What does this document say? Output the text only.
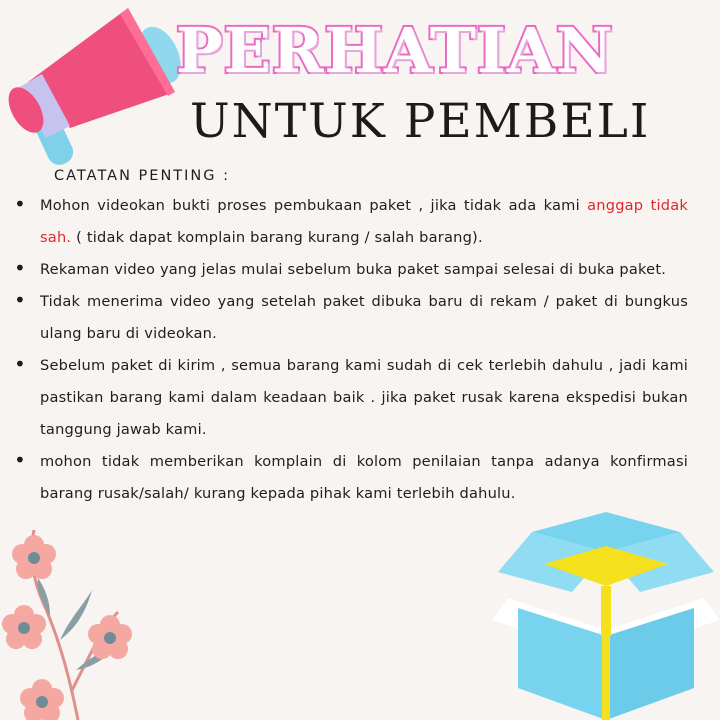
PERHATIAN
UNTUK PEMBELI
CATATAN PENTING :
• Mohon videokan bukti proses pembukaan paket , jika tidak ada kami anggap tidak sah. ( tidak dapat komplain barang kurang / salah barang).
• Rekaman video yang jelas mulai sebelum buka paket sampai selesai di buka paket.
• Tidak menerima video yang setelah paket dibuka baru di rekam / paket di bungkus ulang baru di videokan.
• Sebelum paket di kirim , semua barang kami sudah di cek terlebih dahulu , jadi kami pastikan barang kami dalam keadaan baik . jika paket rusak karena ekspedisi bukan tanggung jawab kami.
• mohon tidak memberikan komplain di kolom penilaian tanpa adanya konfirmasi barang rusak/salah/ kurang kepada pihak kami terlebih dahulu.
